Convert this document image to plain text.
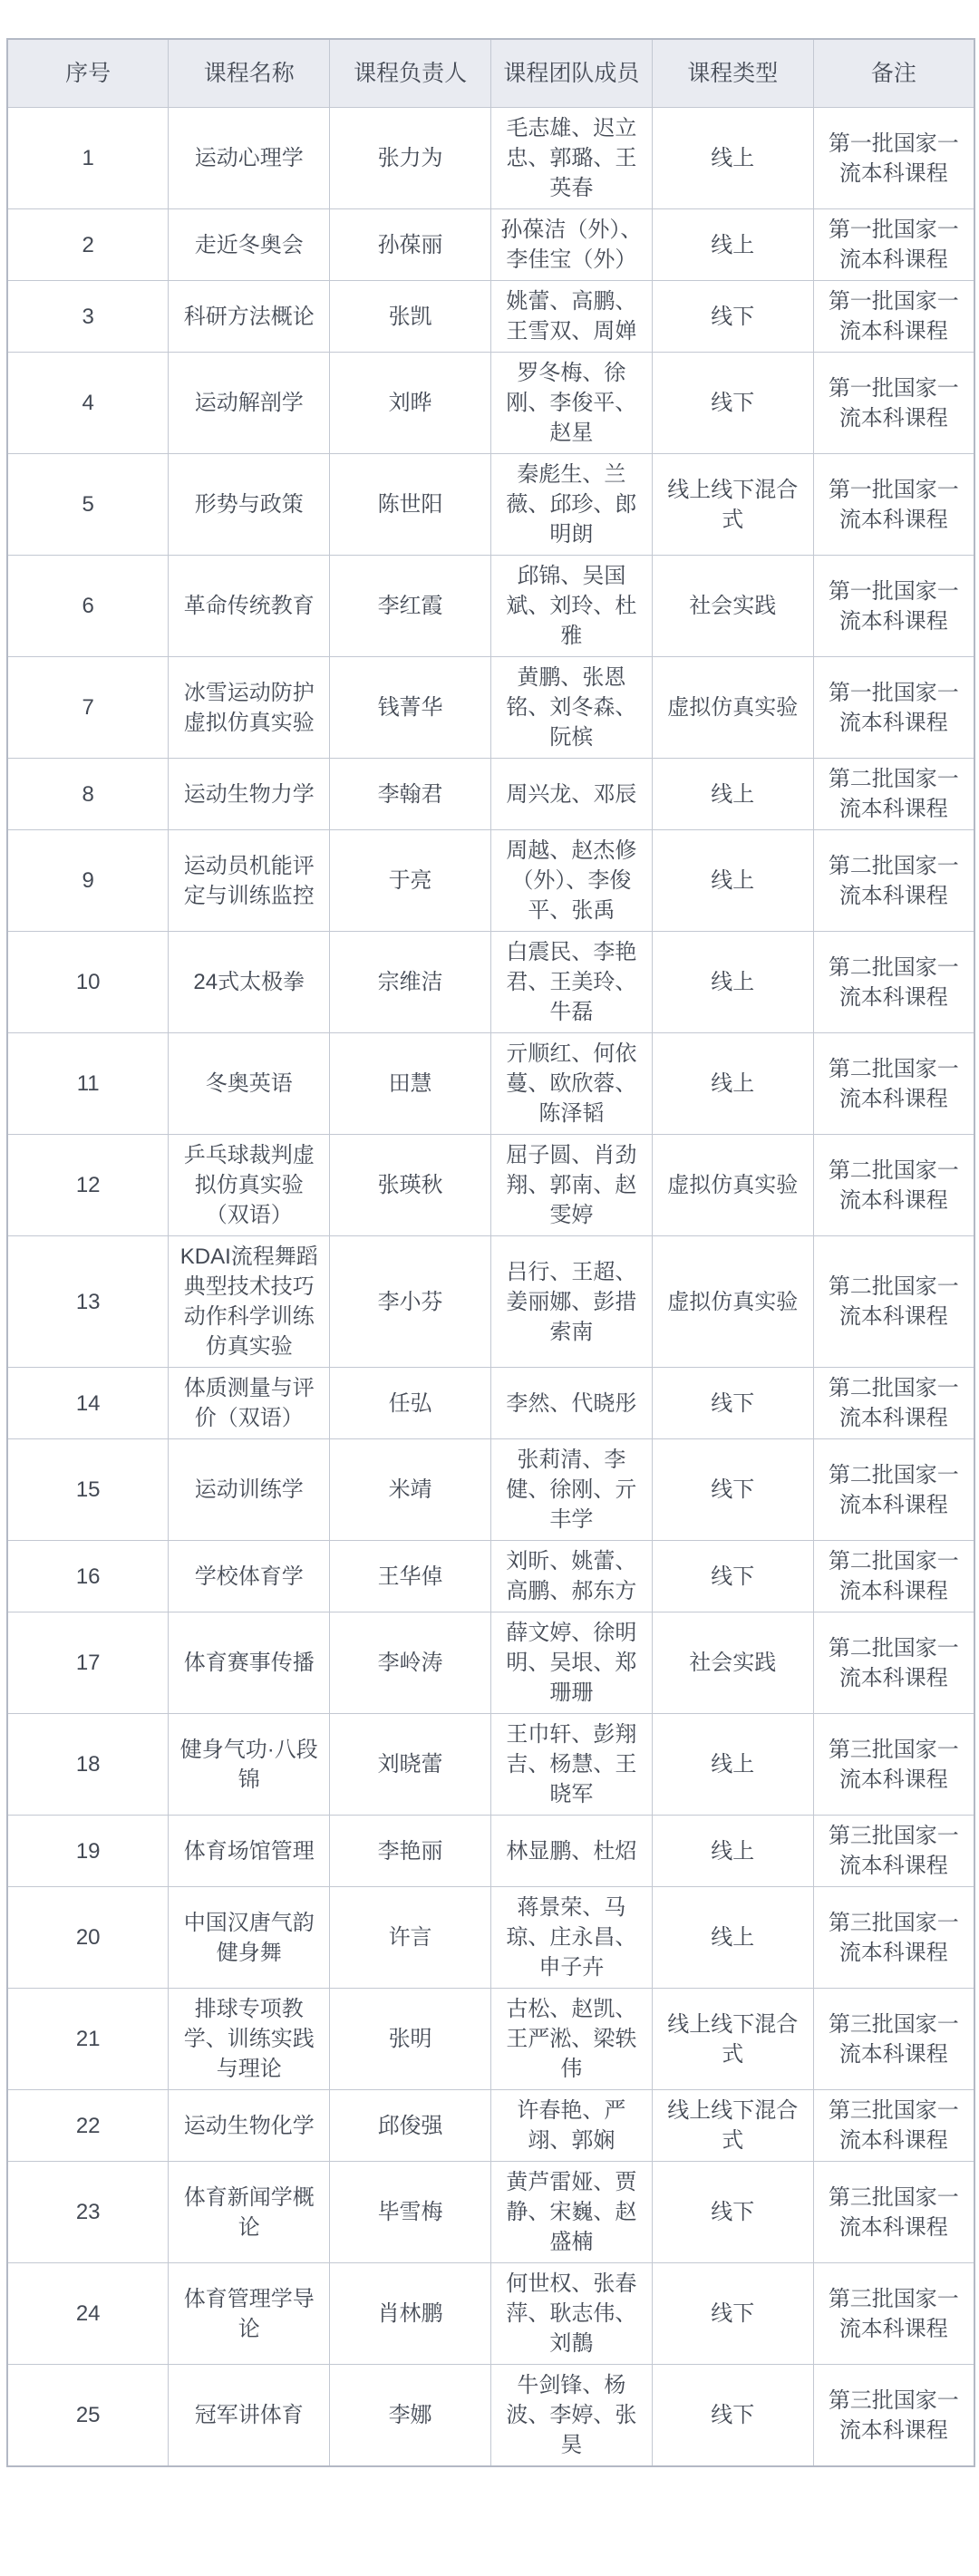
序号	课程名称	课程负责人	课程团队成员	课程类型	备注
1	运动心理学	张力为	毛志雄、迟立忠、郭璐、王英春	线上	第一批国家一流本科课程
2	走近冬奥会	孙葆丽	孙葆洁（外）、李佳宝（外）	线上	第一批国家一流本科课程
3	科研方法概论	张凯	姚蕾、高鹏、王雪双、周婵	线下	第一批国家一流本科课程
4	运动解剖学	刘晔	罗冬梅、徐刚、李俊平、赵星	线下	第一批国家一流本科课程
5	形势与政策	陈世阳	秦彪生、兰薇、邱珍、郎明朗	线上线下混合式	第一批国家一流本科课程
6	革命传统教育	李红霞	邱锦、吴国斌、刘玲、杜雅	社会实践	第一批国家一流本科课程
7	冰雪运动防护虚拟仿真实验	钱菁华	黄鹏、张恩铭、刘冬森、阮槟	虚拟仿真实验	第一批国家一流本科课程
8	运动生物力学	李翰君	周兴龙、邓辰	线上	第二批国家一流本科课程
9	运动员机能评定与训练监控	于亮	周越、赵杰修（外）、李俊平、张禹	线上	第二批国家一流本科课程
10	24式太极拳	宗维洁	白震民、李艳君、王美玲、牛磊	线上	第二批国家一流本科课程
11	冬奥英语	田慧	亓顺红、何依蔓、欧欣蓉、陈泽韬	线上	第二批国家一流本科课程
12	乒乓球裁判虚拟仿真实验（双语）	张瑛秋	屈子圆、肖劲翔、郭南、赵雯婷	虚拟仿真实验	第二批国家一流本科课程
13	KDAI流程舞蹈典型技术技巧动作科学训练仿真实验	李小芬	吕行、王超、姜丽娜、彭措索南	虚拟仿真实验	第二批国家一流本科课程
14	体质测量与评价（双语）	任弘	李然、代晓彤	线下	第二批国家一流本科课程
15	运动训练学	米靖	张莉清、李健、徐刚、亓丰学	线下	第二批国家一流本科课程
16	学校体育学	王华倬	刘昕、姚蕾、高鹏、郝东方	线下	第二批国家一流本科课程
17	体育赛事传播	李岭涛	薛文婷、徐明明、吴垠、郑珊珊	社会实践	第二批国家一流本科课程
18	健身气功·八段锦	刘晓蕾	王巾轩、彭翔吉、杨慧、王晓军	线上	第三批国家一流本科课程
19	体育场馆管理	李艳丽	林显鹏、杜炤	线上	第三批国家一流本科课程
20	中国汉唐气韵健身舞	许言	蒋景荣、马琼、庄永昌、申子卉	线上	第三批国家一流本科课程
21	排球专项教学、训练实践与理论	张明	古松、赵凯、王严淞、梁轶伟	线上线下混合式	第三批国家一流本科课程
22	运动生物化学	邱俊强	许春艳、严翊、郭娴	线上线下混合式	第三批国家一流本科课程
23	体育新闻学概论	毕雪梅	黄芦雷娅、贾静、宋巍、赵盛楠	线下	第三批国家一流本科课程
24	体育管理学导论	肖林鹏	何世权、张春萍、耿志伟、刘鶄	线下	第三批国家一流本科课程
25	冠军讲体育	李娜	牛剑锋、杨波、李婷、张昊	线下	第三批国家一流本科课程
